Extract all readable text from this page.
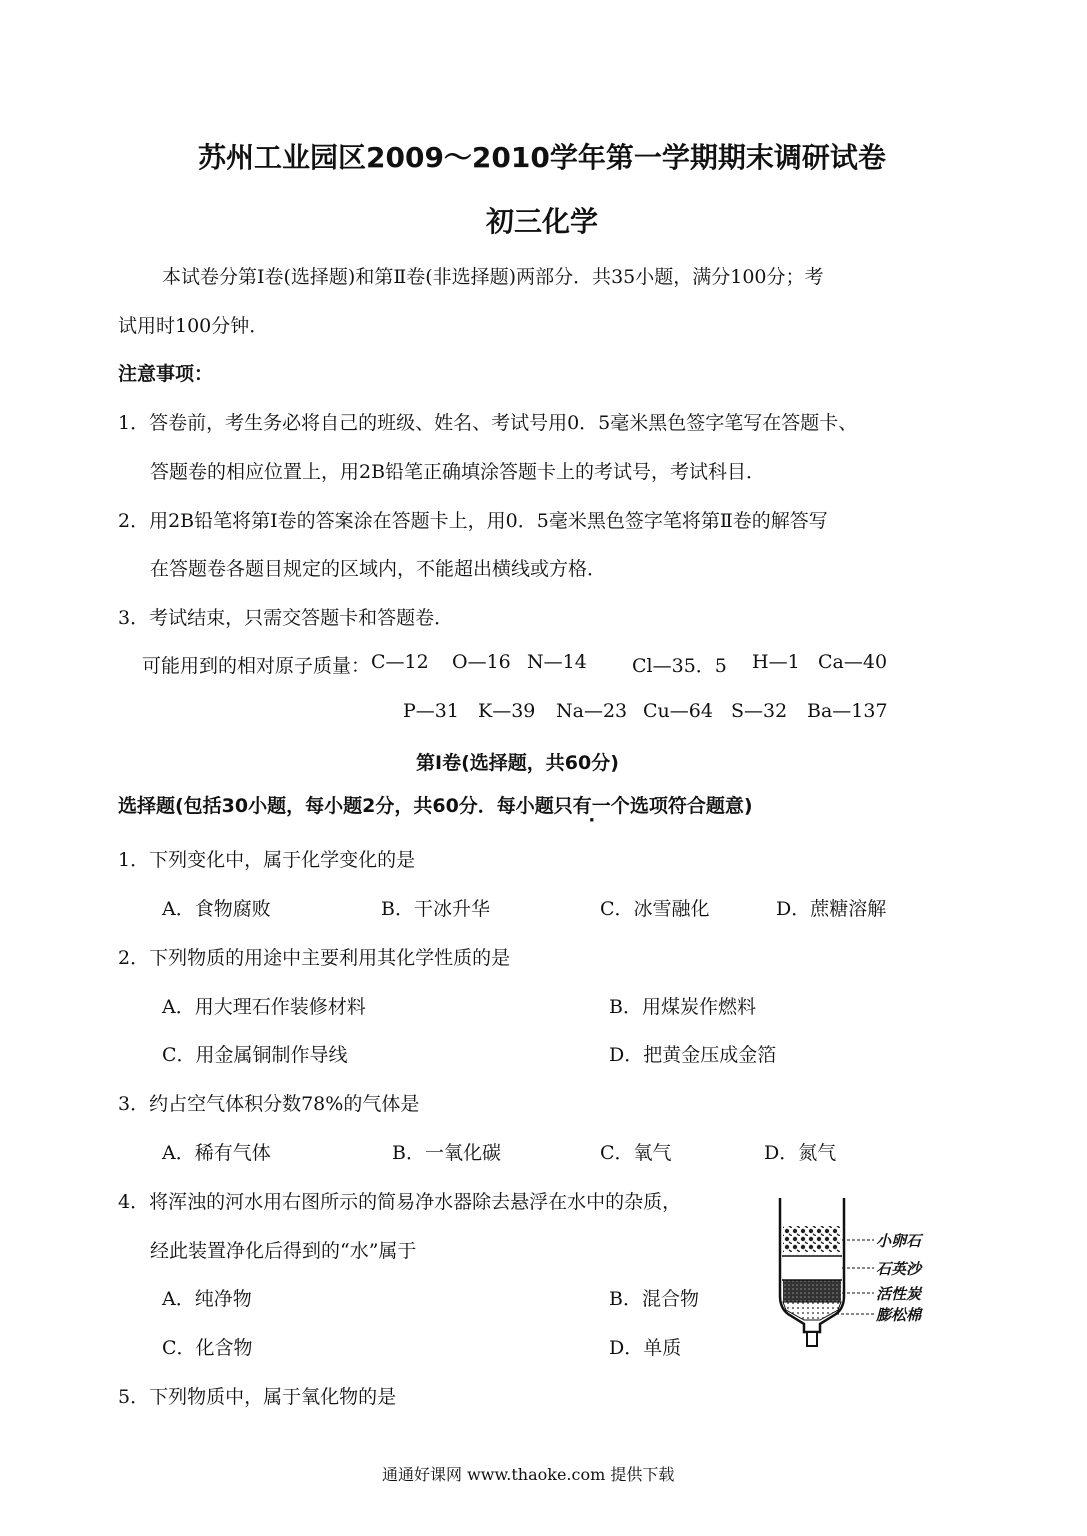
苏州工业园区2009～2010学年第一学期期末调研试卷
初三化学
本试卷分第Ⅰ卷(选择题)和第Ⅱ卷(非选择题)两部分．共35小题，满分100分；考
试用时100分钟．
注意事项：
1．答卷前，考生务必将自己的班级、姓名、考试号用0．5毫米黑色签字笔写在答题卡、
答题卷的相应位置上，用2B铅笔正确填涂答题卡上的考试号，考试科目．
2．用2B铅笔将第Ⅰ卷的答案涂在答题卡上，用0．5毫米黑色签字笔将第Ⅱ卷的解答写
在答题卷各题目规定的区域内，不能超出横线或方格．
3．考试结束，只需交答题卡和答题卷．
可能用到的相对原子质量： C—12 O—16 N—14 Cl—35．5 H—1 Ca—40
P—31 K—39 Na—23 Cu—64 S—32 Ba—137
第Ⅰ卷(选择题，共60分)
选择题(包括30小题，每小题2分，共60分．每小题只有一个选项符合题意)
1．下列变化中，属于化学变化的是
A．食物腐败	B．干冰升华	C．冰雪融化	D．蔗糖溶解
2．下列物质的用途中主要利用其化学性质的是
A．用大理石作装修材料	B．用煤炭作燃料
C．用金属铜制作导线	D．把黄金压成金箔
3．约占空气体积分数78%的气体是
A．稀有气体	B．一氧化碳	C．氧气	D．氮气
4．将浑浊的河水用右图所示的简易净水器除去悬浮在水中的杂质，
经此装置净化后得到的“水”属于
A．纯净物	B．混合物
C．化含物	D．单质
小卵石
石英沙
活性炭
膨松棉
5．下列物质中，属于氧化物的是
通通好课网 www.thaoke.com 提供下载
